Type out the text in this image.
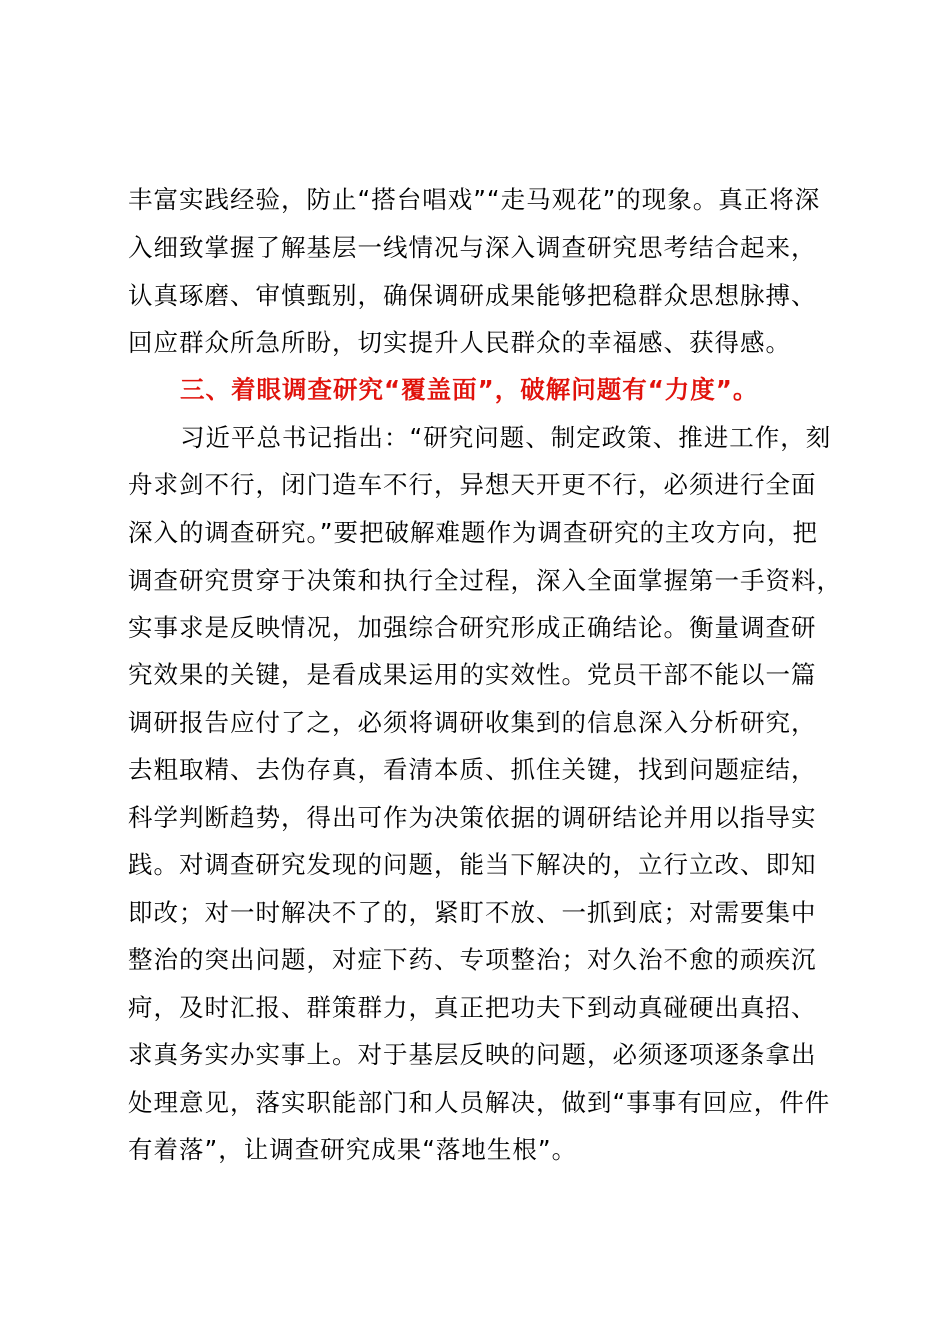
丰富实践经验，防止“搭台唱戏”“走马观花”的现象。真正将深
入细致掌握了解基层一线情况与深入调查研究思考结合起来，
认真琢磨、审慎甄别，确保调研成果能够把稳群众思想脉搏、
回应群众所急所盼，切实提升人民群众的幸福感、获得感。
三、着眼调查研究“覆盖面”，破解问题有“力度”。
习近平总书记指出：“研究问题、制定政策、推进工作，刻
舟求剑不行，闭门造车不行，异想天开更不行，必须进行全面
深入的调查研究。”要把破解难题作为调查研究的主攻方向，把
调查研究贯穿于决策和执行全过程，深入全面掌握第一手资料，
实事求是反映情况，加强综合研究形成正确结论。衡量调查研
究效果的关键，是看成果运用的实效性。党员干部不能以一篇
调研报告应付了之，必须将调研收集到的信息深入分析研究，
去粗取精、去伪存真，看清本质、抓住关键，找到问题症结，
科学判断趋势，得出可作为决策依据的调研结论并用以指导实
践。对调查研究发现的问题，能当下解决的，立行立改、即知
即改；对一时解决不了的，紧盯不放、一抓到底；对需要集中
整治的突出问题，对症下药、专项整治；对久治不愈的顽疾沉
疴，及时汇报、群策群力，真正把功夫下到动真碰硬出真招、
求真务实办实事上。对于基层反映的问题，必须逐项逐条拿出
处理意见，落实职能部门和人员解决，做到“事事有回应，件件
有着落”，让调查研究成果“落地生根”。
